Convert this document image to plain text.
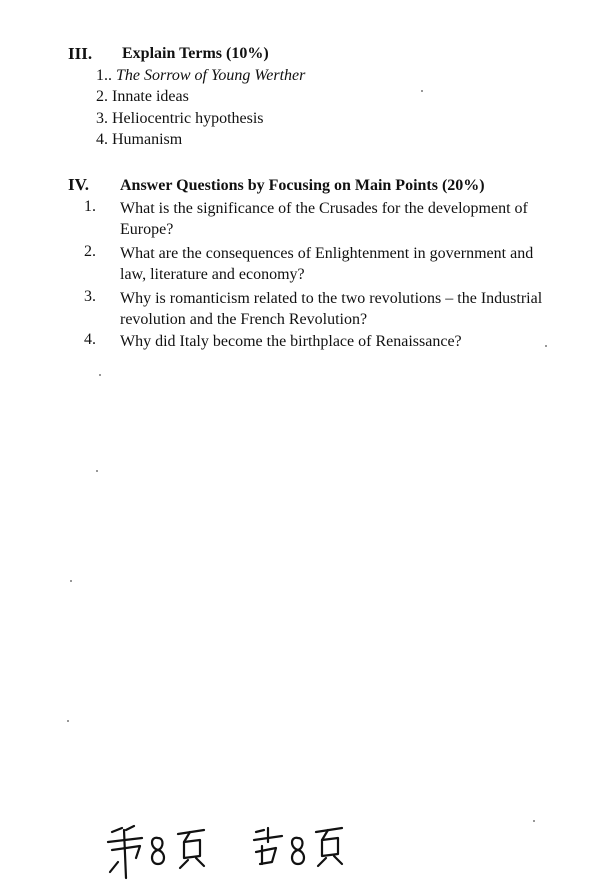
III. Explain Terms (10%)
1.. The Sorrow of Young Werther
2. Innate ideas
3. Heliocentric hypothesis
4. Humanism
IV. Answer Questions by Focusing on Main Points (20%)
1. What is the significance of the Crusades for the development of Europe?
2. What are the consequences of Enlightenment in government and law, literature and economy?
3. Why is romanticism related to the two revolutions – the Industrial revolution and the French Revolution?
4. Why did Italy become the birthplace of Renaissance?
